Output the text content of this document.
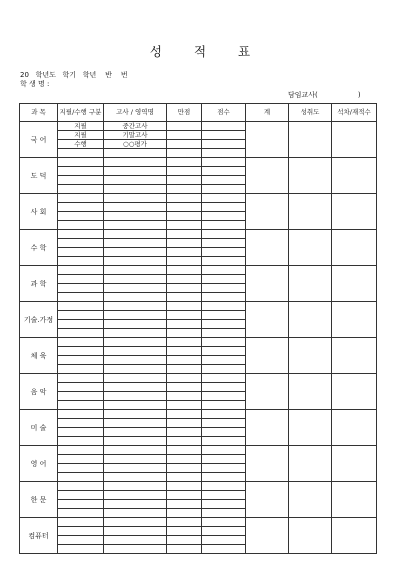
성 적 표
20   학년도   학기   학년    반    번
학 생 명 :
담임교사(                  )
과 목	지필/수행 구분	고사 / 영역명	만점	점수	계	성취도	석차/재적수
국 어	지필	중간고사					
	지필	기말고사					
	수행	○○평가					

도 덕							

사 회							

수 학							

과 학							

기술.가정							

체 육							

음 악							

미 술							

영 어							

한 문							

컴퓨터							
